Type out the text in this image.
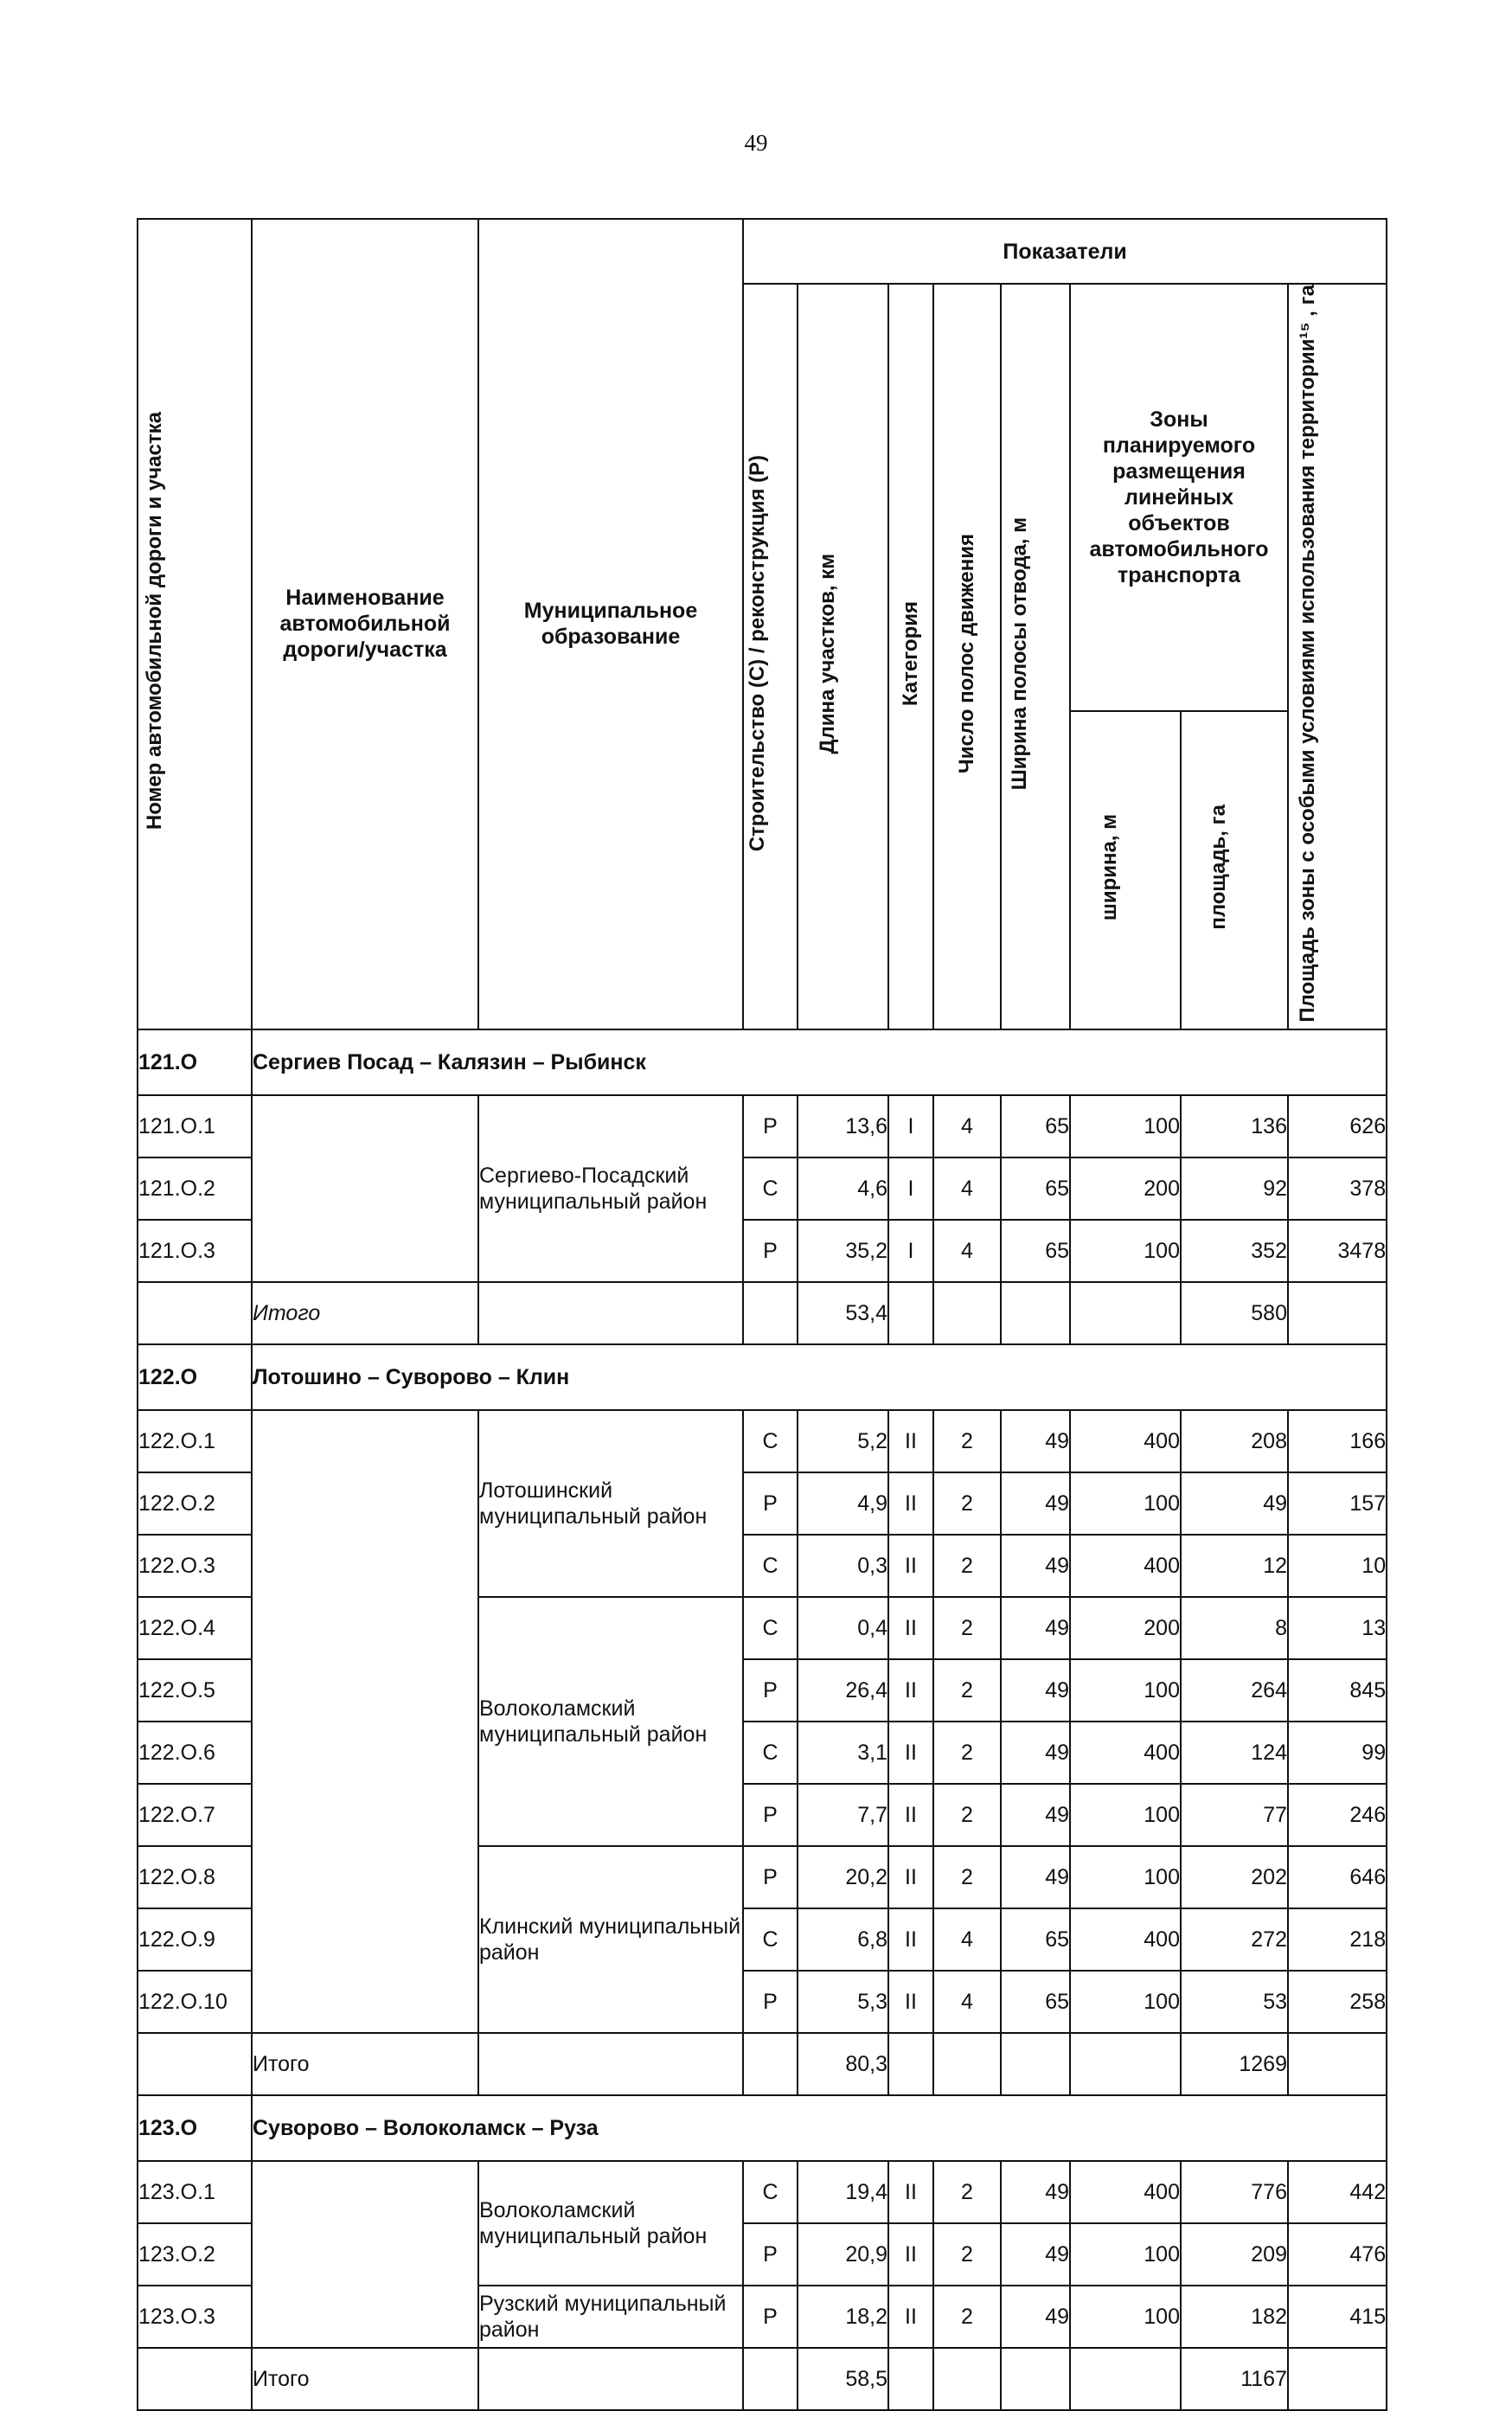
49
Номер автомобильной дороги и участка	Наименование автомобильной дороги/участка	Муниципальное образование	Показатели							

			Строительство (С) / реконструкция (Р)	Длина участков, км	Категория	Число полос движения	Ширина полосы отвода, м	Зоны планируемого размещения линейных объектов автомобильного транспорта		Площадь зоны с особыми условиями использования территории¹⁵ , га
								ширина, м	площадь, га	
121.О	Сергиев Посад – Калязин – Рыбинск									
121.О.1		Сергиево-Посадский муниципальный район	Р	13,6	I	4	65	100	136	626
121.О.2			С	4,6	I	4	65	200	92	378
121.О.3			Р	35,2	I	4	65	100	352	3478
	Итого			53,4					580	
122.О	Лотошино – Суворово – Клин									
122.О.1		Лотошинский муниципальный район	С	5,2	II	2	49	400	208	166
122.О.2			Р	4,9	II	2	49	100	49	157
122.О.3			С	0,3	II	2	49	400	12	10
122.О.4		Волоколамский муниципальный район	С	0,4	II	2	49	200	8	13
122.О.5			Р	26,4	II	2	49	100	264	845
122.О.6			С	3,1	II	2	49	400	124	99
122.О.7			Р	7,7	II	2	49	100	77	246
122.О.8		Клинский муниципальный район	Р	20,2	II	2	49	100	202	646
122.О.9			С	6,8	II	4	65	400	272	218
122.О.10			Р	5,3	II	4	65	100	53	258
	Итого			80,3					1269	
123.О	Суворово – Волоколамск – Руза									
123.О.1		Волоколамский муниципальный район	С	19,4	II	2	49	400	776	442
123.О.2			Р	20,9	II	2	49	100	209	476
123.О.3		Рузский муниципальный район	Р	18,2	II	2	49	100	182	415
	Итого			58,5					1167	
